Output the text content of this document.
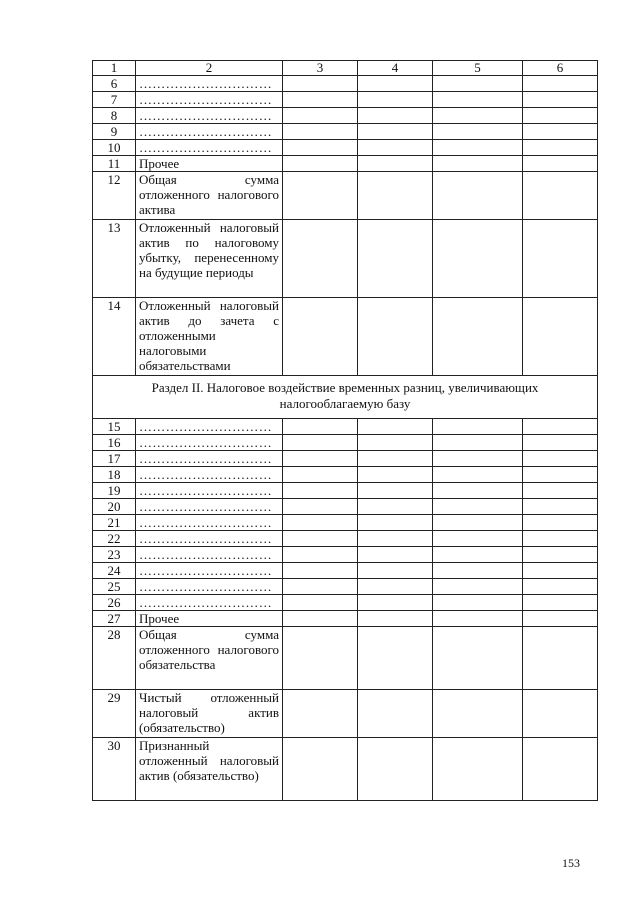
1	2	3	4	5	6
6	…………………………				
7	…………………………				
8	…………………………				
9	…………………………				
10	…………………………				
11	Прочее				
12	Общая сумма отложенного налогового актива				
13	Отложенный налоговый актив по налоговому убытку, перенесенному на будущие периоды				
14	Отложенный налоговый актив до зачета с отложенными налоговыми обязательствами				
Раздел II. Налоговое воздействие временных разниц, увеличивающих налогооблагаемую базу					
15	…………………………				
16	…………………………				
17	…………………………				
18	…………………………				
19	…………………………				
20	…………………………				
21	…………………………				
22	…………………………				
23	…………………………				
24	…………………………				
25	…………………………				
26	…………………………				
27	Прочее				
28	Общая сумма отложенного налогового обязательства				
29	Чистый отложенный налоговый актив (обязательство)				
30	Признанный отложенный налоговый актив (обязательство)				
153
